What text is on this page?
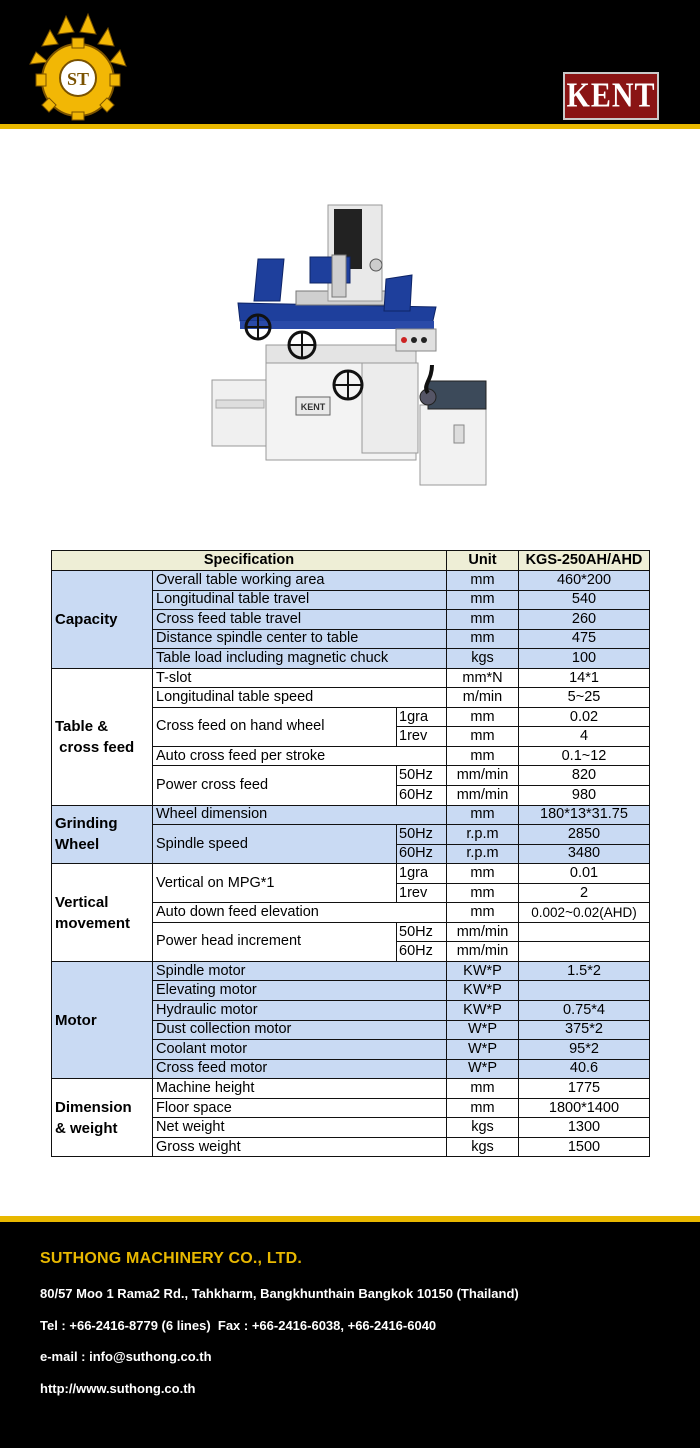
ST	KENT
KENT
Specification			Unit	KGS-250AH/AHD
Capacity	Overall table working area		mm	460*200
	Longitudinal table travel		mm	540
	Cross feed table travel		mm	260
	Distance spindle center to table		mm	475
	Table load including magnetic chuck		kgs	100
Table &
cross feed	T-slot		mm*N	14*1
	Longitudinal table speed		m/min	5~25
	Cross feed on hand wheel	1gra	mm	0.02
		1rev	mm	4
	Auto cross feed per stroke		mm	0.1~12
	Power cross feed	50Hz	mm/min	820
		60Hz	mm/min	980
Grinding
Wheel	Wheel dimension		mm	180*13*31.75
	Spindle speed	50Hz	r.p.m	2850
		60Hz	r.p.m	3480
Vertical
movement	Vertical on MPG*1	1gra	mm	0.01
		1rev	mm	2
	Auto down feed elevation		mm	0.002~0.02(AHD)
	Power head increment	50Hz	mm/min	
		60Hz	mm/min	
Motor	Spindle motor		KW*P	1.5*2
	Elevating motor		KW*P	
	Hydraulic motor		KW*P	0.75*4
	Dust collection motor		W*P	375*2
	Coolant motor		W*P	95*2
	Cross feed motor		W*P	40.6
Dimension
& weight	Machine height		mm	1775
	Floor space		mm	1800*1400
	Net weight		kgs	1300
	Gross weight		kgs	1500
SUTHONG MACHINERY CO., LTD.
80/57 Moo 1 Rama2 Rd., Tahkharm, Bangkhunthain Bangkok 10150 (Thailand)
Tel : +66-2416-8779 (6 lines)  Fax : +66-2416-6038, +66-2416-6040
e-mail : info@suthong.co.th
http://www.suthong.co.th
